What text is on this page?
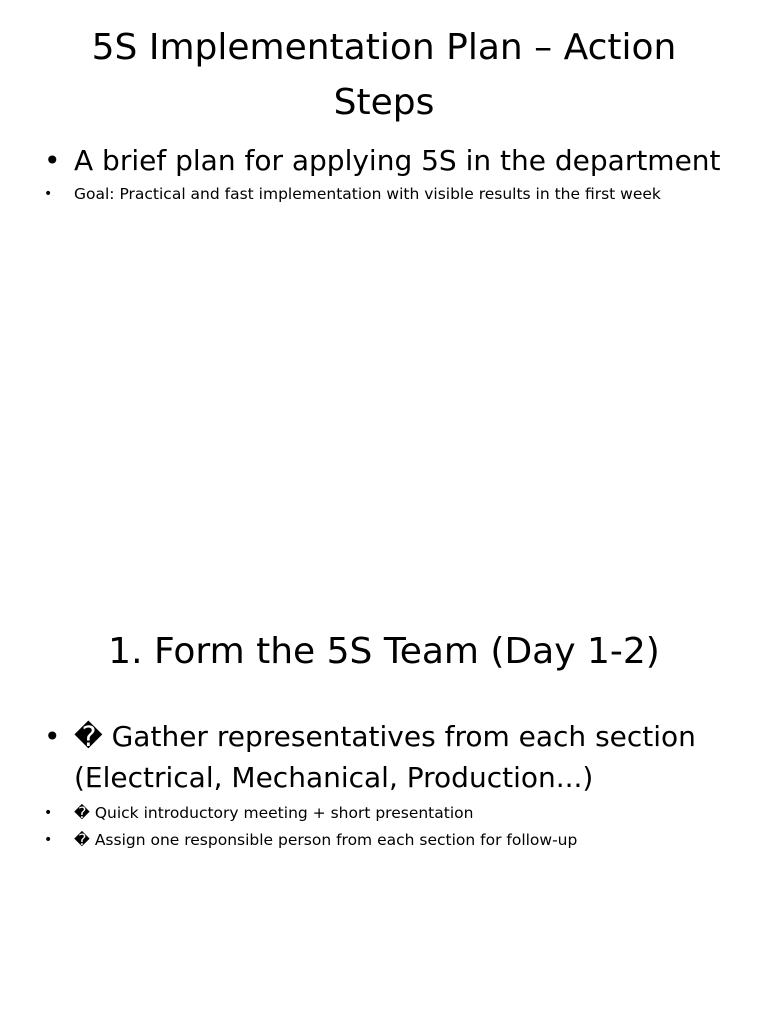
5S Implementation Plan – Action Steps
• A brief plan for applying 5S in the department
• Goal: Practical and fast implementation with visible results in the first week
1. Form the 5S Team (Day 1-2)
• � Gather representatives from each section (Electrical, Mechanical, Production...)
• � Quick introductory meeting + short presentation
• � Assign one responsible person from each section for follow-up
